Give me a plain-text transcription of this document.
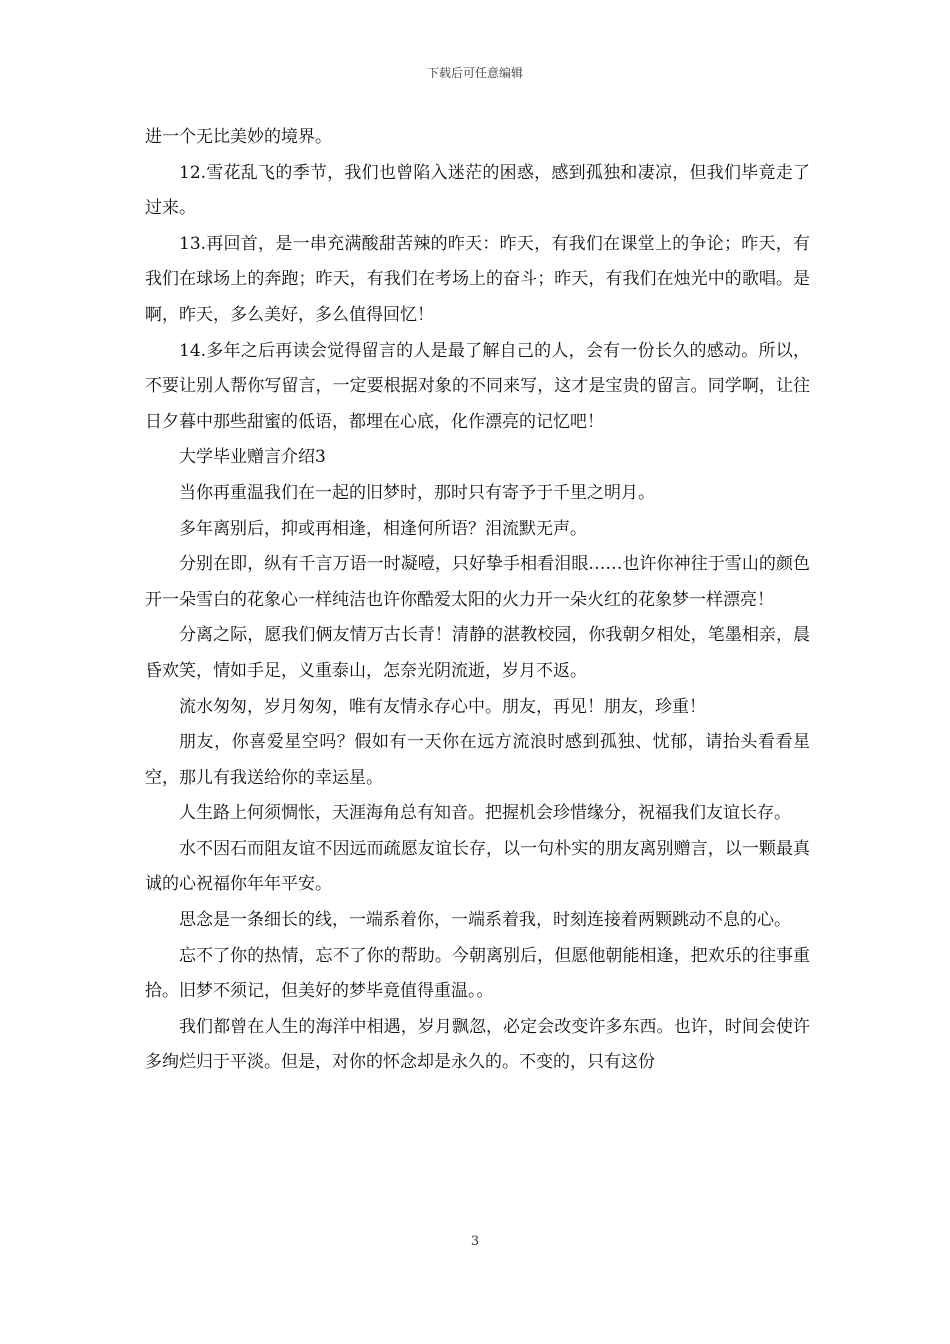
下载后可任意编辑

进一个无比美妙的境界。

12.雪花乱飞的季节，我们也曾陷入迷茫的困惑，感到孤独和凄凉，但我们毕竟走了过来。

13.再回首，是一串充满酸甜苦辣的昨天：昨天，有我们在课堂上的争论；昨天，有我们在球场上的奔跑；昨天，有我们在考场上的奋斗；昨天，有我们在烛光中的歌唱。是啊，昨天，多么美好，多么值得回忆！

14.多年之后再读会觉得留言的人是最了解自己的人，会有一份长久的感动。所以，不要让别人帮你写留言，一定要根据对象的不同来写，这才是宝贵的留言。同学啊，让往日夕暮中那些甜蜜的低语，都埋在心底，化作漂亮的记忆吧！

大学毕业赠言介绍3

当你再重温我们在一起的旧梦时，那时只有寄予于千里之明月。

多年离别后，抑或再相逢，相逢何所语？泪流默无声。

分别在即，纵有千言万语一时凝噎，只好挚手相看泪眼……也许你神往于雪山的颜色开一朵雪白的花象心一样纯洁也许你酷爱太阳的火力开一朵火红的花象梦一样漂亮！

分离之际，愿我们俩友情万古长青！清静的湛教校园，你我朝夕相处，笔墨相亲，晨昏欢笑，情如手足，义重泰山，怎奈光阴流逝，岁月不返。

流水匆匆，岁月匆匆，唯有友情永存心中。朋友，再见！朋友，珍重！

朋友，你喜爱星空吗？假如有一天你在远方流浪时感到孤独、忧郁，请抬头看看星空，那儿有我送给你的幸运星。

人生路上何须惆怅，天涯海角总有知音。把握机会珍惜缘分，祝福我们友谊长存。

水不因石而阻友谊不因远而疏愿友谊长存，以一句朴实的朋友离别赠言，以一颗最真诚的心祝福你年年平安。

思念是一条细长的线，一端系着你，一端系着我，时刻连接着两颗跳动不息的心。

忘不了你的热情，忘不了你的帮助。今朝离别后，但愿他朝能相逢，把欢乐的往事重拾。旧梦不须记，但美好的梦毕竟值得重温。。

我们都曾在人生的海洋中相遇，岁月飘忽，必定会改变许多东西。也许，时间会使许多绚烂归于平淡。但是，对你的怀念却是永久的。不变的，只有这份

3
